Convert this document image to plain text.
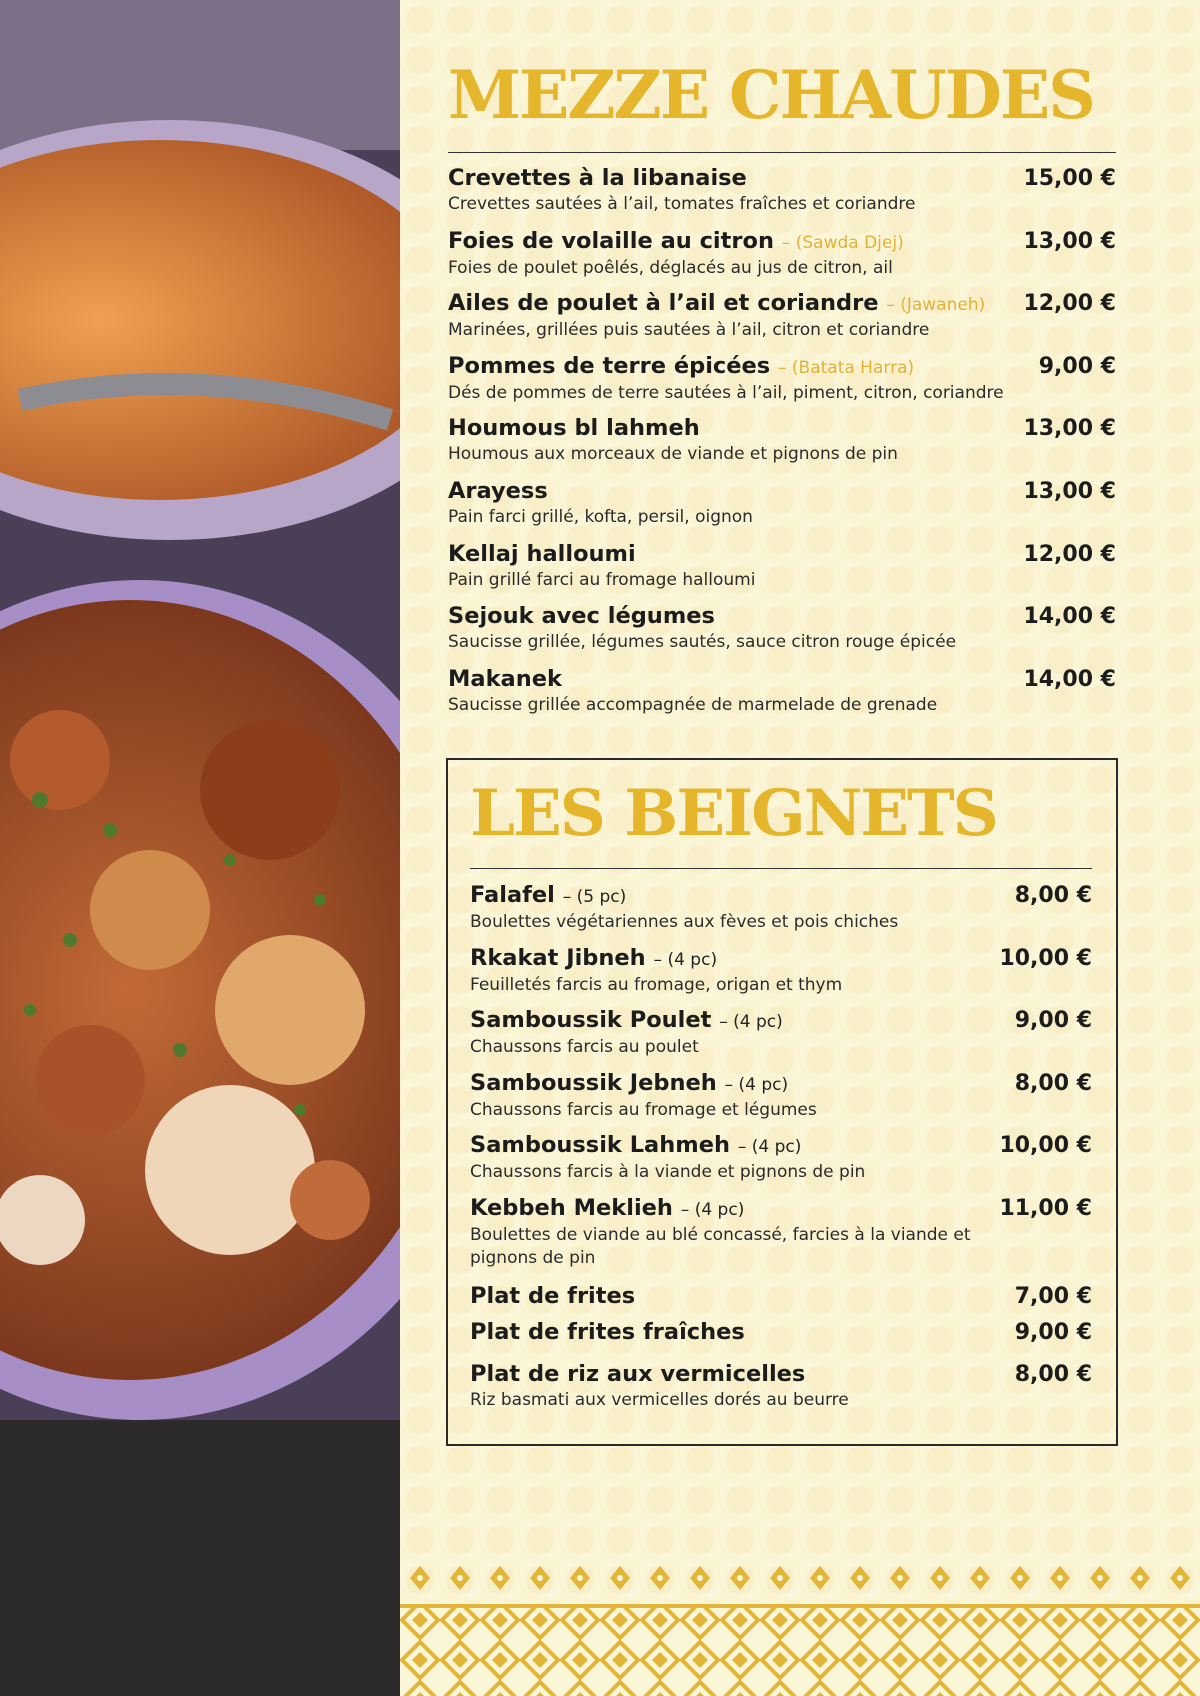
MEZZE CHAUDES
Crevettes à la libanaise	15,00 €
Crevettes sautées à l’ail, tomates fraîches et coriandre
Foies de volaille au citron – (Sawda Djej)	13,00 €
Foies de poulet poêlés, déglacés au jus de citron, ail
Ailes de poulet à l’ail et coriandre – (Jawaneh) 12,00 €
Marinées, grillées puis sautées à l’ail, citron et coriandre
Pommes de terre épicées – (Batata Harra)	9,00 €
Dés de pommes de terre sautées à l’ail, piment, citron, coriandre
Houmous bl lahmeh	13,00 €
Houmous aux morceaux de viande et pignons de pin
Arayess	13,00 €
Pain farci grillé, kofta, persil, oignon
Kellaj halloumi	12,00 €
Pain grillé farci au fromage halloumi
Sejouk avec légumes	14,00 €
Saucisse grillée, légumes sautés, sauce citron rouge épicée
Makanek	14,00 €
Saucisse grillée accompagnée de marmelade de grenade
LES BEIGNETS
Falafel – (5 pc)	8,00 €
Boulettes végétariennes aux fèves et pois chiches
Rkakat Jibneh – (4 pc)	10,00 €
Feuilletés farcis au fromage, origan et thym
Samboussik Poulet – (4 pc)	9,00 €
Chaussons farcis au poulet
Samboussik Jebneh – (4 pc)	8,00 €
Chaussons farcis au fromage et légumes
Samboussik Lahmeh – (4 pc)	10,00 €
Chaussons farcis à la viande et pignons de pin
Kebbeh Meklieh – (4 pc)	11,00 €
Boulettes de viande au blé concassé, farcies à la viande et pignons de pin
Plat de frites	7,00 €
Plat de frites fraîches	9,00 €
Plat de riz aux vermicelles	8,00 €
Riz basmati aux vermicelles dorés au beurre
